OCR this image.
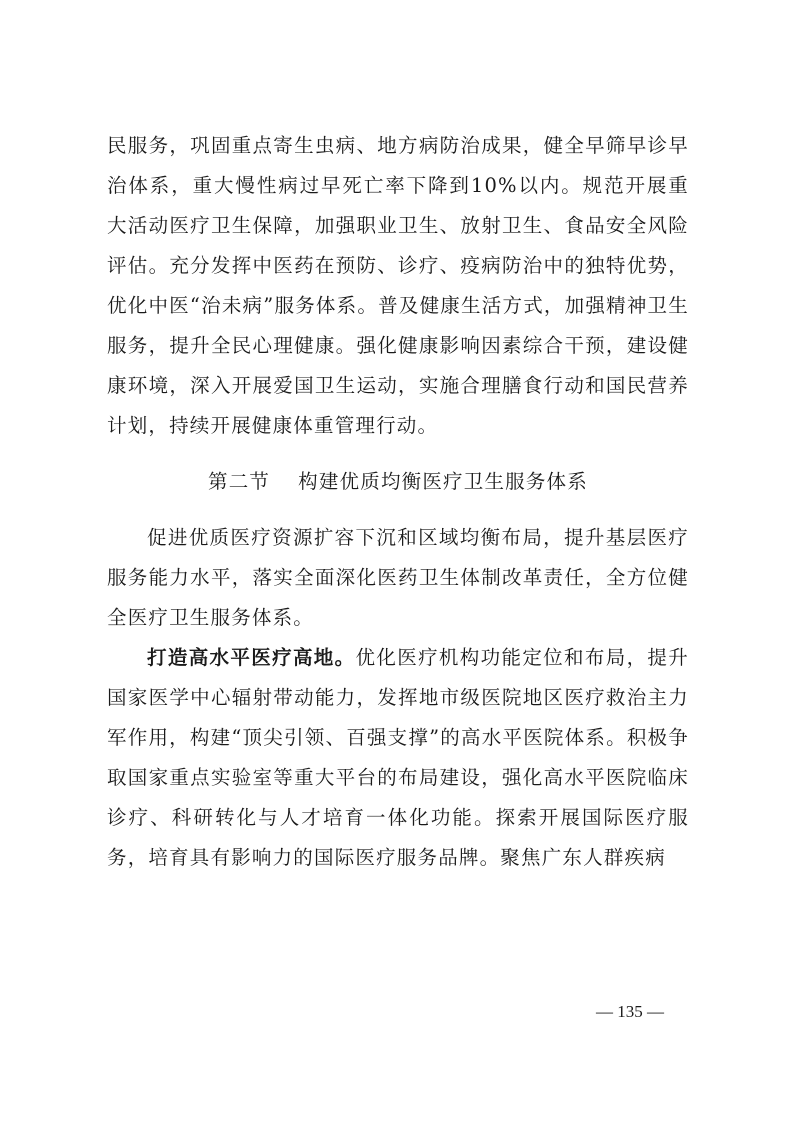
民服务，巩固重点寄生虫病、地方病防治成果，健全早筛早诊早治体系，重大慢性病过早死亡率下降到10%以内。规范开展重大活动医疗卫生保障，加强职业卫生、放射卫生、食品安全风险评估。充分发挥中医药在预防、诊疗、疫病防治中的独特优势，优化中医“治未病”服务体系。普及健康生活方式，加强精神卫生服务，提升全民心理健康。强化健康影响因素综合干预，建设健康环境，深入开展爱国卫生运动，实施合理膳食行动和国民营养计划，持续开展健康体重管理行动。

第二节 构建优质均衡医疗卫生服务体系

促进优质医疗资源扩容下沉和区域均衡布局，提升基层医疗服务能力水平，落实全面深化医药卫生体制改革责任，全方位健全医疗卫生服务体系。

打造高水平医疗高地。优化医疗机构功能定位和布局，提升国家医学中心辐射带动能力，发挥地市级医院地区医疗救治主力军作用，构建“顶尖引领、百强支撑”的高水平医院体系。积极争取国家重点实验室等重大平台的布局建设，强化高水平医院临床诊疗、科研转化与人才培育一体化功能。探索开展国际医疗服务，培育具有影响力的国际医疗服务品牌。聚焦广东人群疾病

— 135 —
